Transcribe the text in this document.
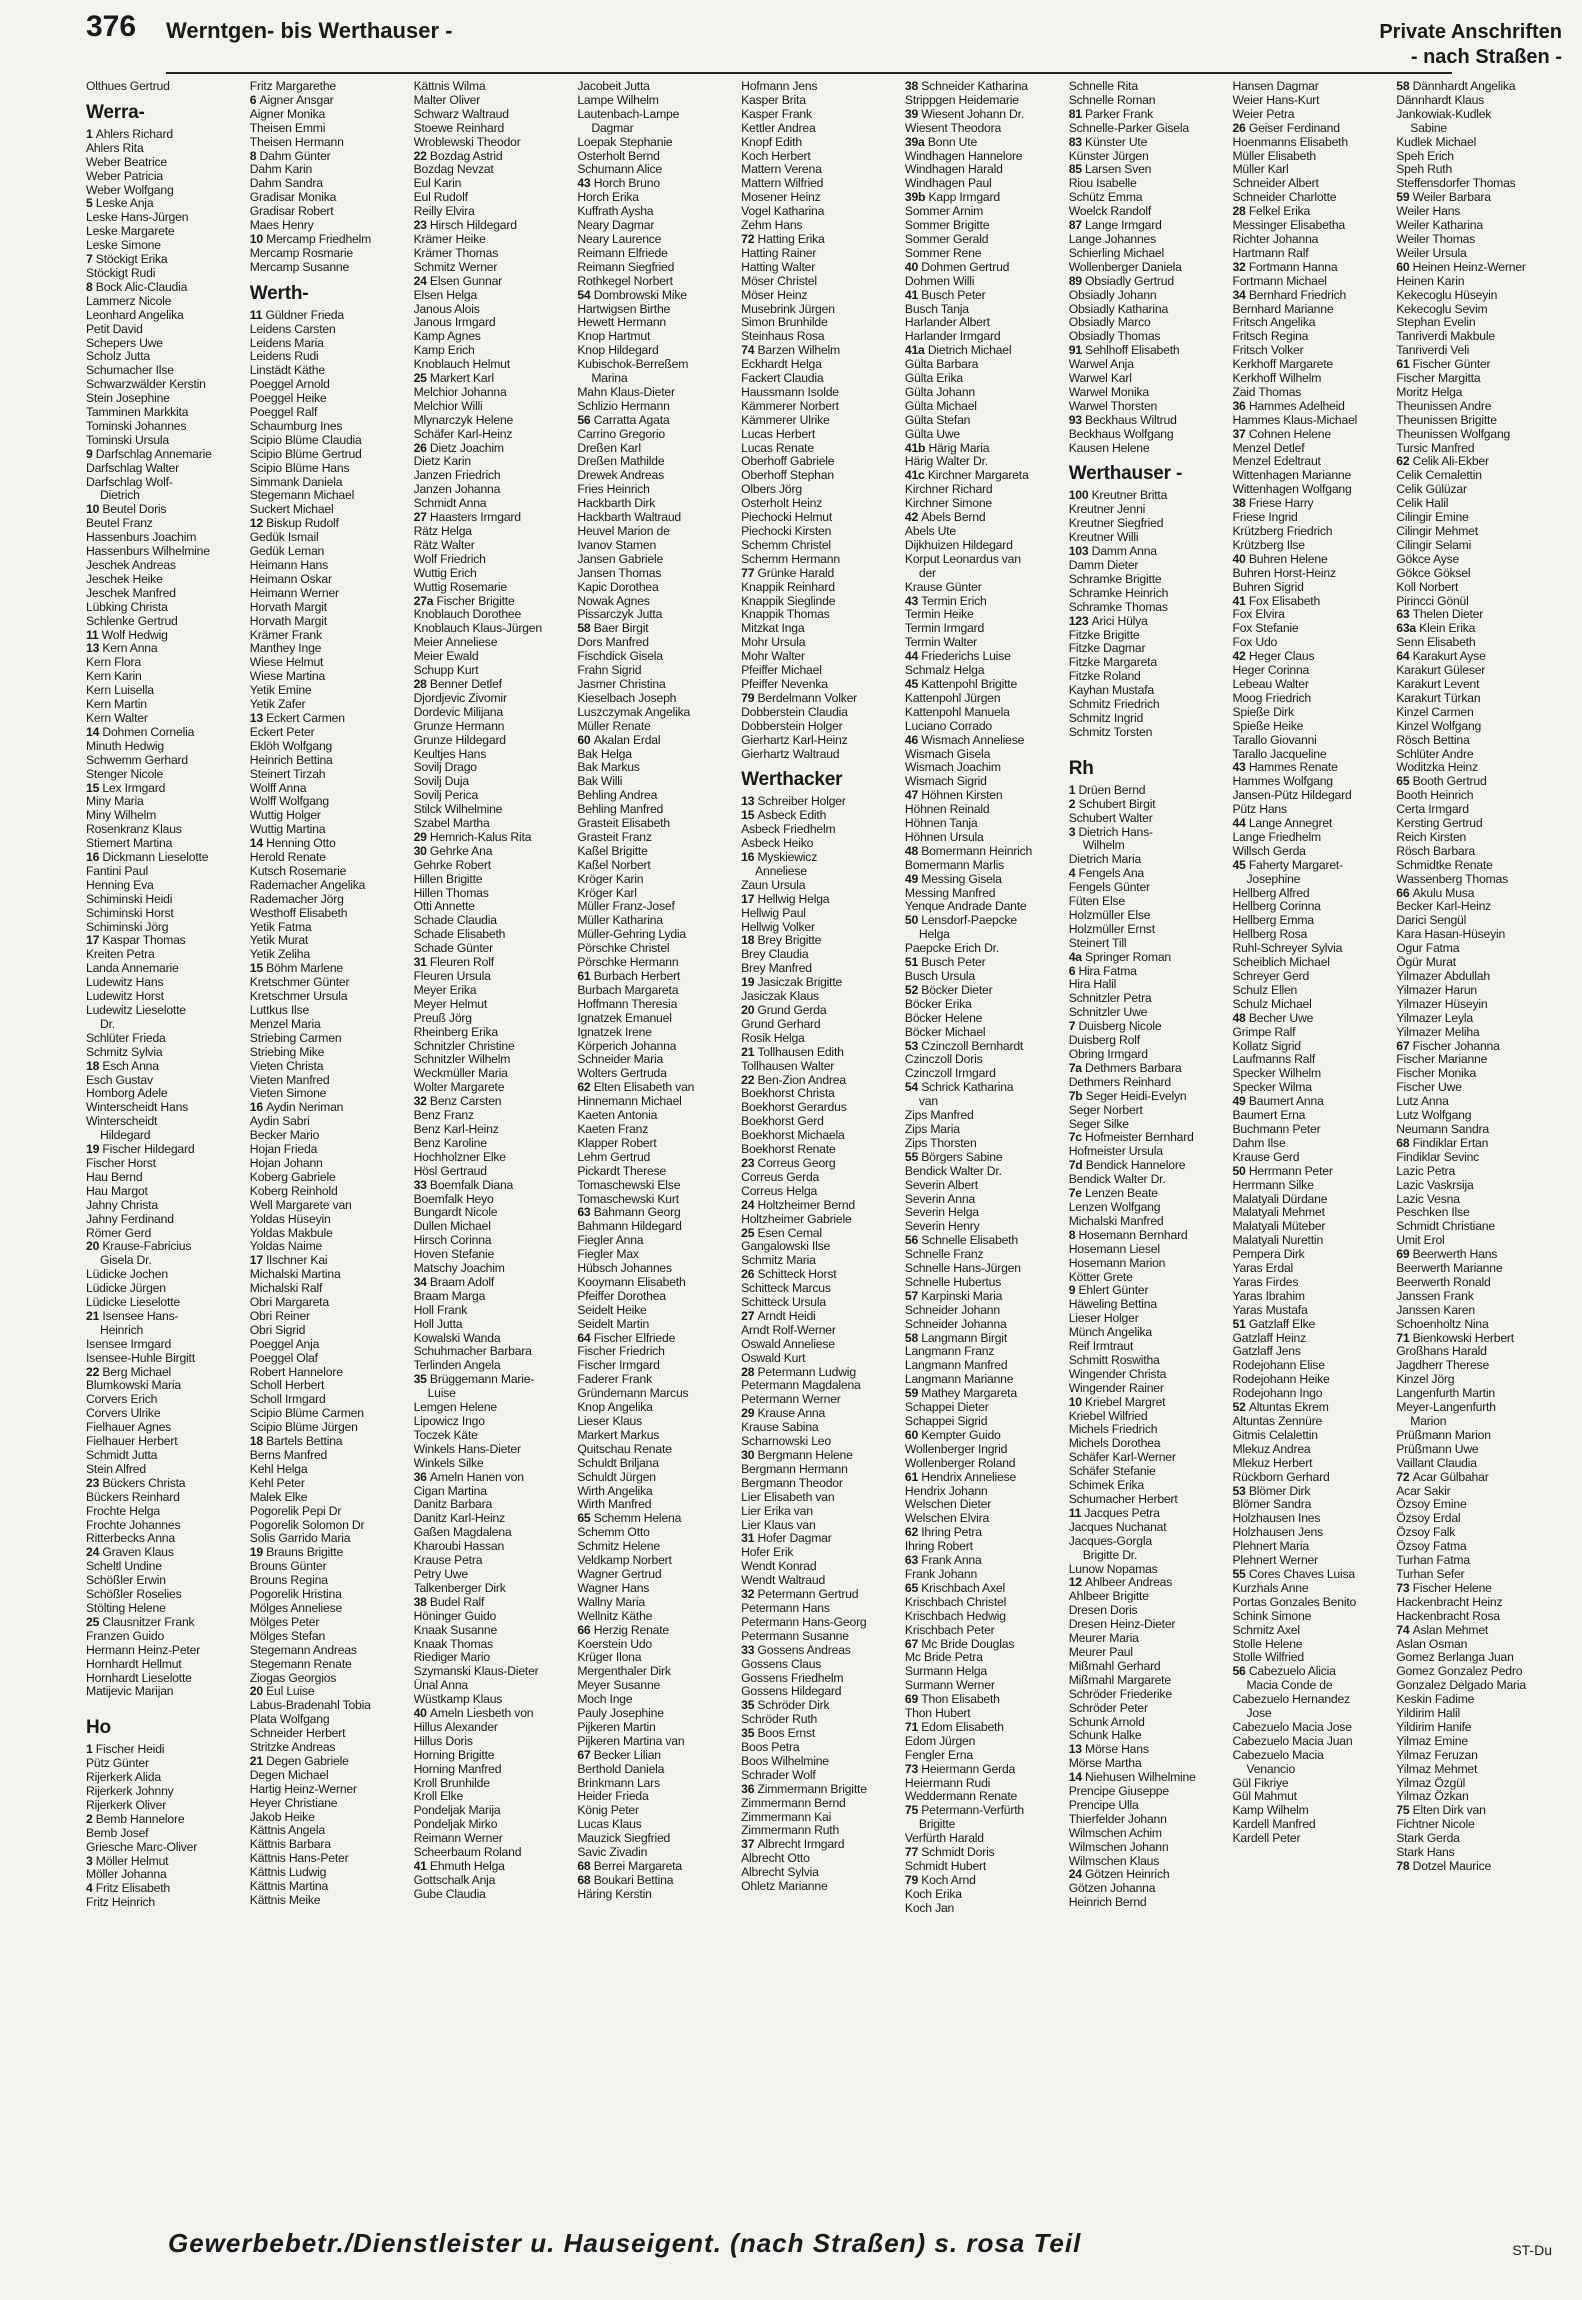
376 Werntgen- bis Werthauser -	Private Anschriften
- nach Straßen -
Olthues Gertrud
Werra-
1 Ahlers Richard
Ahlers Rita
Weber Beatrice
Weber Patricia
Weber Wolfgang
5 Leske Anja
Leske Hans-Jürgen
Leske Margarete
Leske Simone
7 Stöckigt Erika
Stöckigt Rudi
8 Bock Alic-Claudia
Lammerz Nicole
Leonhard Angelika
Petit David
Schepers Uwe
Scholz Jutta
Schumacher Ilse
Schwarzwälder Kerstin
Stein Josephine
Tamminen Markkita
Tominski Johannes
Tominski Ursula
9 Darfschlag Annemarie
Darfschlag Walter
Darfschlag Wolf-
Dietrich
10 Beutel Doris
Beutel Franz
Hassenburs Joachim
Hassenburs Wilhelmine
Jeschek Andreas
Jeschek Heike
Jeschek Manfred
Lübking Christa
Schlenke Gertrud
11 Wolf Hedwig
13 Kern Anna
Kern Flora
Kern Karin
Kern Luisella
Kern Martin
Kern Walter
14 Dohmen Cornelia
Minuth Hedwig
Schwemm Gerhard
Stenger Nicole
15 Lex Irmgard
Miny Maria
Miny Wilhelm
Rosenkranz Klaus
Stiemert Martina
16 Dickmann Lieselotte
Fantini Paul
Henning Eva
Schiminski Heidi
Schiminski Horst
Schiminski Jörg
17 Kaspar Thomas
Kreiten Petra
Landa Annemarie
Ludewitz Hans
Ludewitz Horst
Ludewitz Lieselotte
Dr.
Schlüter Frieda
Schmitz Sylvia
18 Esch Anna
Esch Gustav
Homborg Adele
Winterscheidt Hans
Winterscheidt
Hildegard
19 Fischer Hildegard
Fischer Horst
Hau Bernd
Hau Margot
Jahny Christa
Jahny Ferdinand
Römer Gerd
20 Krause-Fabricius
Gisela Dr.
Lüdicke Jochen
Lüdicke Jürgen
Lüdicke Lieselotte
21 Isensee Hans-
Heinrich
Isensee Irmgard
Isensee-Huhle Birgitt
22 Berg Michael
Blumkowski Maria
Corvers Erich
Corvers Ulrike
Fielhauer Agnes
Fielhauer Herbert
Schmidt Jutta
Stein Alfred
23 Bückers Christa
Bückers Reinhard
Frochte Helga
Frochte Johannes
Ritterbecks Anna
24 Graven Klaus
Scheltl Undine
Schößler Erwin
Schößler Roselies
Stölting Helene
25 Clausnitzer Frank
Franzen Guido
Hermann Heinz-Peter
Hornhardt Hellmut
Hornhardt Lieselotte
Matijevic Marijan
Ho
1 Fischer Heidi
Pütz Günter
Rijerkerk Alida
Rijerkerk Johnny
Rijerkerk Oliver
2 Bemb Hannelore
Bemb Josef
Griesche Marc-Oliver
3 Möller Helmut
Möller Johanna
4 Fritz Elisabeth
Fritz Heinrich
Fritz Margarethe
6 Aigner Ansgar
Aigner Monika
Theisen Emmi
Theisen Hermann
8 Dahm Günter
Dahm Karin
Dahm Sandra
Gradisar Monika
Gradisar Robert
Maes Henry
10 Mercamp Friedhelm
Mercamp Rosmarie
Mercamp Susanne
Werth-
11 Güldner Frieda
Leidens Carsten
Leidens Maria
Leidens Rudi
Linstädt Käthe
Poeggel Arnold
Poeggel Heike
Poeggel Ralf
Schaumburg Ines
Scipio Blüme Claudia
Scipio Blüme Gertrud
Scipio Blüme Hans
Simmank Daniela
Stegemann Michael
Suckert Michael
12 Biskup Rudolf
Gedük Ismail
Gedük Leman
Heimann Hans
Heimann Oskar
Heimann Werner
Horvath Margit
Horvath Margit
Krämer Frank
Manthey Inge
Wiese Helmut
Wiese Martina
Yetik Emine
Yetik Zafer
13 Eckert Carmen
Eckert Peter
Eklöh Wolfgang
Heinrich Bettina
Steinert Tirzah
Wolff Anna
Wolff Wolfgang
Wuttig Holger
Wuttig Martina
14 Henning Otto
Herold Renate
Kutsch Rosemarie
Rademacher Angelika
Rademacher Jörg
Westhoff Elisabeth
Yetik Fatma
Yetik Murat
Yetik Zeliha
15 Böhm Marlene
Kretschmer Günter
Kretschmer Ursula
Luttkus Ilse
Menzel Maria
Striebing Carmen
Striebing Mike
Vieten Christa
Vieten Manfred
Vieten Simone
16 Aydin Neriman
Aydin Sabri
Becker Mario
Hojan Frieda
Hojan Johann
Koberg Gabriele
Koberg Reinhold
Well Margarete van
Yoldas Hüseyin
Yoldas Makbule
Yoldas Naime
17 Ilschner Kai
Michalski Martina
Michalski Ralf
Obri Margareta
Obri Reiner
Obri Sigrid
Poeggel Anja
Poeggel Olaf
Robert Hannelore
Scholl Herbert
Scholl Irmgard
Scipio Blüme Carmen
Scipio Blüme Jürgen
18 Bartels Bettina
Berns Manfred
Kehl Helga
Kehl Peter
Malek Elke
Pogorelik Pepi Dr
Pogorelik Solomon Dr
Solis Garrido Maria
19 Brauns Brigitte
Brouns Günter
Brouns Regina
Pogorelik Hristina
Mölges Anneliese
Mölges Peter
Mölges Stefan
Stegemann Andreas
Stegemann Renate
Ziogas Georgios
20 Eul Luise
Labus-Bradenahl Tobia
Plata Wolfgang
Schneider Herbert
Stritzke Andreas
21 Degen Gabriele
Degen Michael
Hartig Heinz-Werner
Heyer Christiane
Jakob Heike
Kättnis Angela
Kättnis Barbara
Kättnis Hans-Peter
Kättnis Ludwig
Kättnis Martina
Kättnis Meike
Kättnis Wilma
Malter Oliver
Schwarz Waltraud
Stoewe Reinhard
Wroblewski Theodor
22 Bozdag Astrid
Bozdag Nevzat
Eul Karin
Eul Rudolf
Reilly Elvira
23 Hirsch Hildegard
Krämer Heike
Krämer Thomas
Schmitz Werner
24 Elsen Gunnar
Elsen Helga
Janous Alois
Janous Irmgard
Kamp Agnes
Kamp Erich
Knoblauch Helmut
25 Markert Karl
Melchior Johanna
Melchior Willi
Mlynarczyk Helene
Schäfer Karl-Heinz
26 Dietz Joachim
Dietz Karin
Janzen Friedrich
Janzen Johanna
Schmidt Anna
27 Haasters Irmgard
Rätz Helga
Rätz Walter
Wolf Friedrich
Wuttig Erich
Wuttig Rosemarie
27a Fischer Brigitte
Knoblauch Dorothee
Knoblauch Klaus-Jürgen
Meier Anneliese
Meier Ewald
Schupp Kurt
28 Benner Detlef
Djordjevic Zivomir
Dordevic Milijana
Grunze Hermann
Grunze Hildegard
Keultjes Hans
Sovilj Drago
Sovilj Duja
Sovilj Perica
Stilck Wilhelmine
Szabel Martha
29 Hemrich-Kalus Rita
30 Gehrke Ana
Gehrke Robert
Hillen Brigitte
Hillen Thomas
Otti Annette
Schade Claudia
Schade Elisabeth
Schade Günter
31 Fleuren Rolf
Fleuren Ursula
Meyer Erika
Meyer Helmut
Preuß Jörg
Rheinberg Erika
Schnitzler Christine
Schnitzler Wilhelm
Weckmüller Maria
Wolter Margarete
32 Benz Carsten
Benz Franz
Benz Karl-Heinz
Benz Karoline
Hochholzner Elke
Hösl Gertraud
33 Boemfalk Diana
Boemfalk Heyo
Bungardt Nicole
Dullen Michael
Hirsch Corinna
Hoven Stefanie
Matschy Joachim
34 Braam Adolf
Braam Marga
Holl Frank
Holl Jutta
Kowalski Wanda
Schuhmacher Barbara
Terlinden Angela
35 Brüggemann Marie-
Luise
Lemgen Helene
Lipowicz Ingo
Toczek Käte
Winkels Hans-Dieter
Winkels Silke
36 Ameln Hanen von
Cigan Martina
Danitz Barbara
Danitz Karl-Heinz
Gaßen Magdalena
Kharoubi Hassan
Krause Petra
Petry Uwe
Talkenberger Dirk
38 Budel Ralf
Höninger Guido
Knaak Susanne
Knaak Thomas
Riediger Mario
Szymanski Klaus-Dieter
Ünal Anna
Wüstkamp Klaus
40 Ameln Liesbeth von
Hillus Alexander
Hillus Doris
Horning Brigitte
Horning Manfred
Kroll Brunhilde
Kroll Elke
Pondeljak Marija
Pondeljak Mirko
Reimann Werner
Scheerbaum Roland
41 Ehmuth Helga
Gottschalk Anja
Gube Claudia
Jacobeit Jutta
Lampe Wilhelm
Lautenbach-Lampe
Dagmar
Loepak Stephanie
Osterholt Bernd
Schumann Alice
43 Horch Bruno
Horch Erika
Kuffrath Aysha
Neary Dagmar
Neary Laurence
Reimann Elfriede
Reimann Siegfried
Rothkegel Norbert
54 Dombrowski Mike
Hartwigsen Birthe
Hewett Hermann
Knop Hartmut
Knop Hildegard
Kubischok-Berreßem
Marina
Mahn Klaus-Dieter
Schlizio Hermann
56 Carratta Agata
Carrino Gregorio
Dreßen Karl
Dreßen Mathilde
Drewek Andreas
Fries Heinrich
Hackbarth Dirk
Hackbarth Waltraud
Heuvel Marion de
Ivanov Stamen
Jansen Gabriele
Jansen Thomas
Kapic Dorothea
Nowak Agnes
Pissarczyk Jutta
58 Baer Birgit
Dors Manfred
Fischdick Gisela
Frahn Sigrid
Jasmer Christina
Kieselbach Joseph
Luszczymak Angelika
Müller Renate
60 Akalan Erdal
Bak Helga
Bak Markus
Bak Willi
Behling Andrea
Behling Manfred
Grasteit Elisabeth
Grasteit Franz
Kaßel Brigitte
Kaßel Norbert
Kröger Karin
Kröger Karl
Müller Franz-Josef
Müller Katharina
Müller-Gehring Lydia
Pörschke Christel
Pörschke Hermann
61 Burbach Herbert
Burbach Margareta
Hoffmann Theresia
Ignatzek Emanuel
Ignatzek Irene
Körperich Johanna
Schneider Maria
Wolters Gertruda
62 Elten Elisabeth van
Hinnemann Michael
Kaeten Antonia
Kaeten Franz
Klapper Robert
Lehm Gertrud
Pickardt Therese
Tomaschewski Else
Tomaschewski Kurt
63 Bahmann Georg
Bahmann Hildegard
Fiegler Anna
Fiegler Max
Hübsch Johannes
Kooymann Elisabeth
Pfeiffer Dorothea
Seidelt Heike
Seidelt Martin
64 Fischer Elfriede
Fischer Friedrich
Fischer Irmgard
Faderer Frank
Gründemann Marcus
Knop Angelika
Lieser Klaus
Markert Markus
Quitschau Renate
Schuldt Briljana
Schuldt Jürgen
Wirth Angelika
Wirth Manfred
65 Schemm Helena
Schemm Otto
Schmitz Helene
Veldkamp Norbert
Wagner Gertrud
Wagner Hans
Wallny Maria
Wellnitz Käthe
66 Herzig Renate
Koerstein Udo
Krüger Ilona
Mergenthaler Dirk
Meyer Susanne
Moch Inge
Pauly Josephine
Pijkeren Martin
Pijkeren Martina van
67 Becker Lilian
Berthold Daniela
Brinkmann Lars
Heider Frieda
König Peter
Lucas Klaus
Mauzick Siegfried
Savic Zivadin
68 Berrei Margareta
68 Boukari Bettina
Häring Kerstin
Hofmann Jens
Kasper Brita
Kasper Frank
Kettler Andrea
Knopf Edith
Koch Herbert
Mattern Verena
Mattern Wilfried
Mosener Heinz
Vogel Katharina
Zehm Hans
72 Hatting Erika
Hatting Rainer
Hatting Walter
Möser Christel
Möser Heinz
Musebrink Jürgen
Simon Brunhilde
Steinhaus Rosa
74 Barzen Wilhelm
Eckhardt Helga
Fackert Claudia
Haussmann Isolde
Kämmerer Norbert
Kämmerer Ulrike
Lucas Herbert
Lucas Renate
Oberhoff Gabriele
Oberhoff Stephan
Olbers Jörg
Osterholt Heinz
Piechocki Helmut
Piechocki Kirsten
Schemm Christel
Schemm Hermann
77 Grünke Harald
Knappik Reinhard
Knappik Sieglinde
Knappik Thomas
Mitzkat Inga
Mohr Ursula
Mohr Walter
Pfeiffer Michael
Pfeiffer Nevenka
79 Berdelmann Volker
Dobberstein Claudia
Dobberstein Holger
Gierhartz Karl-Heinz
Gierhartz Waltraud
Werthacker
13 Schreiber Holger
15 Asbeck Edith
Asbeck Friedhelm
Asbeck Heiko
16 Myskiewicz
Anneliese
Zaun Ursula
17 Hellwig Helga
Hellwig Paul
Hellwig Volker
18 Brey Brigitte
Brey Claudia
Brey Manfred
19 Jasiczak Brigitte
Jasiczak Klaus
20 Grund Gerda
Grund Gerhard
Rosik Helga
21 Tollhausen Edith
Tollhausen Walter
22 Ben-Zion Andrea
Boekhorst Christa
Boekhorst Gerardus
Boekhorst Gerd
Boekhorst Michaela
Boekhorst Renate
23 Correus Georg
Correus Gerda
Correus Helga
24 Holtzheimer Bernd
Holtzheimer Gabriele
25 Esen Cemal
Gangalowski Ilse
Schmitz Maria
26 Schitteck Horst
Schitteck Marcus
Schitteck Ursula
27 Arndt Heidi
Arndt Rolf-Werner
Oswald Anneliese
Oswald Kurt
28 Petermann Ludwig
Petermann Magdalena
Petermann Werner
29 Krause Anna
Krause Sabina
Scharnowski Leo
30 Bergmann Helene
Bergmann Hermann
Bergmann Theodor
Lier Elisabeth van
Lier Erika van
Lier Klaus van
31 Hofer Dagmar
Hofer Erik
Wendt Konrad
Wendt Waltraud
32 Petermann Gertrud
Petermann Hans
Petermann Hans-Georg
Petermann Susanne
33 Gossens Andreas
Gossens Claus
Gossens Friedhelm
Gossens Hildegard
35 Schröder Dirk
Schröder Ruth
35 Boos Ernst
Boos Petra
Boos Wilhelmine
Schrader Wolf
36 Zimmermann Brigitte
Zimmermann Bernd
Zimmermann Kai
Zimmermann Ruth
37 Albrecht Irmgard
Albrecht Otto
Albrecht Sylvia
Ohletz Marianne
38 Schneider Katharina
Strippgen Heidemarie
39 Wiesent Johann Dr.
Wiesent Theodora
39a Bonn Ute
Windhagen Hannelore
Windhagen Harald
Windhagen Paul
39b Kapp Irmgard
Sommer Arnim
Sommer Brigitte
Sommer Gerald
Sommer Rene
40 Dohmen Gertrud
Dohmen Willi
41 Busch Peter
Busch Tanja
Harlander Albert
Harlander Irmgard
41a Dietrich Michael
Gülta Barbara
Gülta Erika
Gülta Johann
Gülta Michael
Gülta Stefan
Gülta Uwe
41b Härig Maria
Härig Walter Dr.
41c Kirchner Margareta
Kirchner Richard
Kirchner Simone
42 Abels Bernd
Abels Ute
Dijkhuizen Hildegard
Korput Leonardus van
der
Krause Günter
43 Termin Erich
Termin Heike
Termin Irmgard
Termin Walter
44 Friederichs Luise
Schmalz Helga
45 Kattenpohl Brigitte
Kattenpohl Jürgen
Kattenpohl Manuela
Luciano Corrado
46 Wismach Anneliese
Wismach Gisela
Wismach Joachim
Wismach Sigrid
47 Höhnen Kirsten
Höhnen Reinald
Höhnen Tanja
Höhnen Ursula
48 Bomermann Heinrich
Bomermann Marlis
49 Messing Gisela
Messing Manfred
Yenque Andrade Dante
50 Lensdorf-Paepcke
Helga
Paepcke Erich Dr.
51 Busch Peter
Busch Ursula
52 Böcker Dieter
Böcker Erika
Böcker Helene
Böcker Michael
53 Czinczoll Bernhardt
Czinczoll Doris
Czinczoll Irmgard
54 Schrick Katharina
van
Zips Manfred
Zips Maria
Zips Thorsten
55 Börgers Sabine
Bendick Walter Dr.
Severin Albert
Severin Anna
Severin Helga
Severin Henry
56 Schnelle Elisabeth
Schnelle Franz
Schnelle Hans-Jürgen
Schnelle Hubertus
57 Karpinski Maria
Schneider Johann
Schneider Johanna
58 Langmann Birgit
Langmann Franz
Langmann Manfred
Langmann Marianne
59 Mathey Margareta
Schappei Dieter
Schappei Sigrid
60 Kempter Guido
Wollenberger Ingrid
Wollenberger Roland
61 Hendrix Anneliese
Hendrix Johann
Welschen Dieter
Welschen Elvira
62 Ihring Petra
Ihring Robert
63 Frank Anna
Frank Johann
65 Krischbach Axel
Krischbach Christel
Krischbach Hedwig
Krischbach Peter
67 Mc Bride Douglas
Mc Bride Petra
Surmann Helga
Surmann Werner
69 Thon Elisabeth
Thon Hubert
71 Edom Elisabeth
Edom Jürgen
Fengler Erna
73 Heiermann Gerda
Heiermann Rudi
Weddermann Renate
75 Petermann-Verfürth
Brigitte
Verfürth Harald
77 Schmidt Doris
Schmidt Hubert
79 Koch Arnd
Koch Erika
Koch Jan
Schnelle Rita
Schnelle Roman
81 Parker Frank
Schnelle-Parker Gisela
83 Künster Ute
Künster Jürgen
85 Larsen Sven
Riou Isabelle
Schütz Emma
Woelck Randolf
87 Lange Irmgard
Lange Johannes
Schierling Michael
Wollenberger Daniela
89 Obsiadly Gertrud
Obsiadly Johann
Obsiadly Katharina
Obsiadly Marco
Obsiadly Thomas
91 Sehlhoff Elisabeth
Warwel Anja
Warwel Karl
Warwel Monika
Warwel Thorsten
93 Beckhaus Wiltrud
Beckhaus Wolfgang
Kausen Helene
Werthauser -
100 Kreutner Britta
Kreutner Jenni
Kreutner Siegfried
Kreutner Willi
103 Damm Anna
Damm Dieter
Schramke Brigitte
Schramke Heinrich
Schramke Thomas
123 Arici Hülya
Fitzke Brigitte
Fitzke Dagmar
Fitzke Margareta
Fitzke Roland
Kayhan Mustafa
Schmitz Friedrich
Schmitz Ingrid
Schmitz Torsten
Rh
1 Drüen Bernd
2 Schubert Birgit
Schubert Walter
3 Dietrich Hans-
Wilhelm
Dietrich Maria
4 Fengels Ana
Fengels Günter
Füten Else
Holzmüller Else
Holzmüller Ernst
Steinert Till
4a Springer Roman
6 Hira Fatma
Hira Halil
Schnitzler Petra
Schnitzler Uwe
7 Duisberg Nicole
Duisberg Rolf
Obring Irmgard
7a Dethmers Barbara
Dethmers Reinhard
7b Seger Heidi-Evelyn
Seger Norbert
Seger Silke
7c Hofmeister Bernhard
Hofmeister Ursula
7d Bendick Hannelore
Bendick Walter Dr.
7e Lenzen Beate
Lenzen Wolfgang
Michalski Manfred
8 Hosemann Bernhard
Hosemann Liesel
Hosemann Marion
Kötter Grete
9 Ehlert Günter
Häweling Bettina
Lieser Holger
Münch Angelika
Reif Irmtraut
Schmitt Roswitha
Wingender Christa
Wingender Rainer
10 Kriebel Margret
Kriebel Wilfried
Michels Friedrich
Michels Dorothea
Schäfer Karl-Werner
Schäfer Stefanie
Schimek Erika
Schumacher Herbert
11 Jacques Petra
Jacques Nuchanat
Jacques-Gorgla
Brigitte Dr.
Lunow Nopamas
12 Ahlbeer Andreas
Ahlbeer Brigitte
Dresen Doris
Dresen Heinz-Dieter
Meurer Maria
Meurer Paul
Mißmahl Gerhard
Mißmahl Margarete
Schröder Friederike
Schröder Peter
Schunk Arnold
Schunk Halke
13 Mörse Hans
Mörse Martha
14 Niehusen Wilhelmine
Prencipe Giuseppe
Prencipe Ulla
Thierfelder Johann
Wilmschen Achim
Wilmschen Johann
Wilmschen Klaus
24 Götzen Heinrich
Götzen Johanna
Heinrich Bernd
Hansen Dagmar
Weier Hans-Kurt
Weier Petra
26 Geiser Ferdinand
Hoenmanns Elisabeth
Müller Elisabeth
Müller Karl
Schneider Albert
Schneider Charlotte
28 Felkel Erika
Messinger Elisabetha
Richter Johanna
Hartmann Ralf
32 Fortmann Hanna
Fortmann Michael
34 Bernhard Friedrich
Bernhard Marianne
Fritsch Angelika
Fritsch Regina
Fritsch Volker
Kerkhoff Margarete
Kerkhoff Wilhelm
Zaid Thomas
36 Hammes Adelheid
Hammes Klaus-Michael
37 Cohnen Helene
Menzel Detlef
Menzel Edeltraut
Wittenhagen Marianne
Wittenhagen Wolfgang
38 Friese Harry
Friese Ingrid
Krützberg Friedrich
Krützberg Ilse
40 Buhren Helene
Buhren Horst-Heinz
Buhren Sigrid
41 Fox Elisabeth
Fox Elvira
Fox Stefanie
Fox Udo
42 Heger Claus
Heger Corinna
Lebeau Walter
Moog Friedrich
Spieße Dirk
Spieße Heike
Tarallo Giovanni
Tarallo Jacqueline
43 Hammes Renate
Hammes Wolfgang
Jansen-Pütz Hildegard
Pütz Hans
44 Lange Annegret
Lange Friedhelm
Willsch Gerda
45 Faherty Margaret-
Josephine
Hellberg Alfred
Hellberg Corinna
Hellberg Emma
Hellberg Rosa
Ruhl-Schreyer Sylvia
Scheiblich Michael
Schreyer Gerd
Schulz Ellen
Schulz Michael
48 Becher Uwe
Grimpe Ralf
Kollatz Sigrid
Laufmanns Ralf
Specker Wilhelm
Specker Wilma
49 Baumert Anna
Baumert Erna
Buchmann Peter
Dahm Ilse
Krause Gerd
50 Herrmann Peter
Herrmann Silke
Malatyali Dürdane
Malatyali Mehmet
Malatyali Müteber
Malatyali Nurettin
Pempera Dirk
Yaras Erdal
Yaras Firdes
Yaras Ibrahim
Yaras Mustafa
51 Gatzlaff Elke
Gatzlaff Heinz
Gatzlaff Jens
Rodejohann Elise
Rodejohann Heike
Rodejohann Ingo
52 Altuntas Ekrem
Altuntas Zennüre
Gitmis Celalettin
Mlekuz Andrea
Mlekuz Herbert
Rückborn Gerhard
53 Blömer Dirk
Blömer Sandra
Holzhausen Ines
Holzhausen Jens
Plehnert Maria
Plehnert Werner
55 Cores Chaves Luisa
Kurzhals Anne
Portas Gonzales Benito
Schink Simone
Schmitz Axel
Stolle Helene
Stolle Wilfried
56 Cabezuelo Alicia
Macia Conde de
Cabezuelo Hernandez
Jose
Cabezuelo Macia Jose
Cabezuelo Macia Juan
Cabezuelo Macia
Venancio
Gül Fikriye
Gül Mahmut
Kamp Wilhelm
Kardell Manfred
Kardell Peter
58 Dännhardt Angelika
Dännhardt Klaus
Jankowiak-Kudlek
Sabine
Kudlek Michael
Speh Erich
Speh Ruth
Steffensdorfer Thomas
59 Weiler Barbara
Weiler Hans
Weiler Katharina
Weiler Thomas
Weiler Ursula
60 Heinen Heinz-Werner
Heinen Karin
Kekecoglu Hüseyin
Kekecoglu Sevim
Stephan Evelin
Tanriverdi Makbule
Tanriverdi Veli
61 Fischer Günter
Fischer Margitta
Moritz Helga
Theunissen Andre
Theunissen Brigitte
Theunissen Wolfgang
Tursic Manfred
62 Celik Ali-Ekber
Celik Cemalettin
Celik Gülüzar
Celik Halil
Cilingir Emine
Cilingir Mehmet
Cilingir Selami
Gökce Ayse
Gökce Göksel
Koll Norbert
Pirincci Gönül
63 Thelen Dieter
63a Klein Erika
Senn Elisabeth
64 Karakurt Ayse
Karakurt Güleser
Karakurt Levent
Karakurt Türkan
Kinzel Carmen
Kinzel Wolfgang
Rösch Bettina
Schlüter Andre
Woditzka Heinz
65 Booth Gertrud
Booth Heinrich
Certa Irmgard
Kersting Gertrud
Reich Kirsten
Rösch Barbara
Schmidtke Renate
Wassenberg Thomas
66 Akulu Musa
Becker Karl-Heinz
Darici Sengül
Kara Hasan-Hüseyin
Ogur Fatma
Ögür Murat
Yilmazer Abdullah
Yilmazer Harun
Yilmazer Hüseyin
Yilmazer Leyla
Yilmazer Meliha
67 Fischer Johanna
Fischer Marianne
Fischer Monika
Fischer Uwe
Lutz Anna
Lutz Wolfgang
Neumann Sandra
68 Findiklar Ertan
Findiklar Sevinc
Lazic Petra
Lazic Vaskrsija
Lazic Vesna
Peschken Ilse
Schmidt Christiane
Umit Erol
69 Beerwerth Hans
Beerwerth Marianne
Beerwerth Ronald
Janssen Frank
Janssen Karen
Schoenholtz Nina
71 Bienkowski Herbert
Großhans Harald
Jagdherr Therese
Kinzel Jörg
Langenfurth Martin
Meyer-Langenfurth
Marion
Prüßmann Marion
Prüßmann Uwe
Vaillant Claudia
72 Acar Gülbahar
Acar Sakir
Özsoy Emine
Özsoy Erdal
Özsoy Falk
Özsoy Fatma
Turhan Fatma
Turhan Sefer
73 Fischer Helene
Hackenbracht Heinz
Hackenbracht Rosa
74 Aslan Mehmet
Aslan Osman
Gomez Berlanga Juan
Gomez Gonzalez Pedro
Gonzalez Delgado Maria
Keskin Fadime
Yildirim Halil
Yildirim Hanife
Yilmaz Emine
Yilmaz Feruzan
Yilmaz Mehmet
Yilmaz Özgül
Yilmaz Özkan
75 Elten Dirk van
Fichtner Nicole
Stark Gerda
Stark Hans
78 Dotzel Maurice
Gewerbebetr./Dienstleister u. Hauseigent. (nach Straßen) s. rosa Teil	ST-Du
